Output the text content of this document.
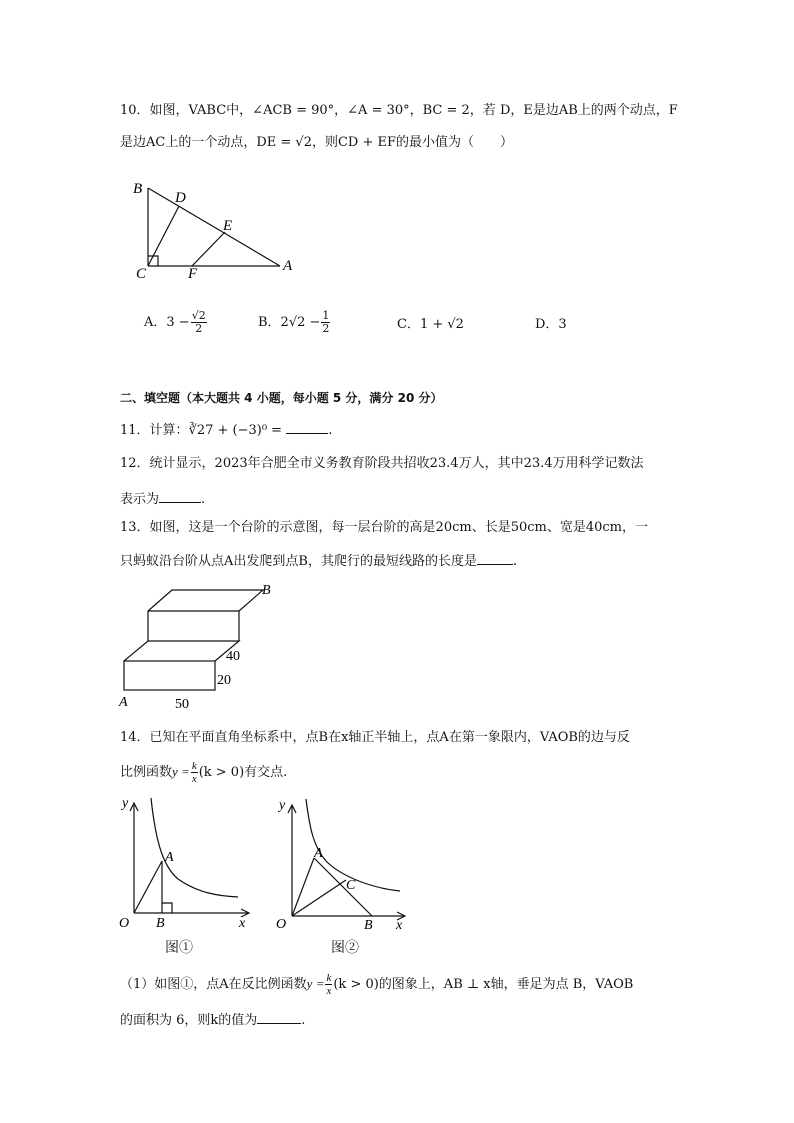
10．如图，VABC中，∠ACB = 90°，∠A = 30°，BC = 2，若 D，E是边AB上的两个动点，F
是边AC上的一个动点，DE = √2，则CD + EF的最小值为（　　）
B
D
E
C	F	A
A．$3 - \frac{√2}{2}$	B．$2√2 - \frac{1}{2}$	C．1 + √2	D．3
二、填空题（本大题共 4 小题，每小题 5 分，满分 20 分）
11．计算：∛27 + (−3)⁰ =	.
12．统计显示，2023年合肥全市义务教育阶段共招收23.4万人，其中23.4万用科学记数法
表示为	.
13．如图，这是一个台阶的示意图，每一层台阶的高是20cm、长是50cm、宽是40cm，一
只蚂蚁沿台阶从点A出发爬到点B，其爬行的最短线路的长度是	.
B
40
20
A	50
14．已知在平面直角坐标系中，点B在x轴正半轴上，点A在第一象限内，VAOB的边与反
比例函数$y = \frac{k}{x} (k > 0)$有交点.
y
A
O B	x
图①
y
A
C
O	B x
图②
（1）如图①，点A在反比例函数$y = \frac{k}{x} (k > 0)$的图象上，AB ⊥ x轴，垂足为点 B，VAOB
的面积为 6，则k的值为	.
